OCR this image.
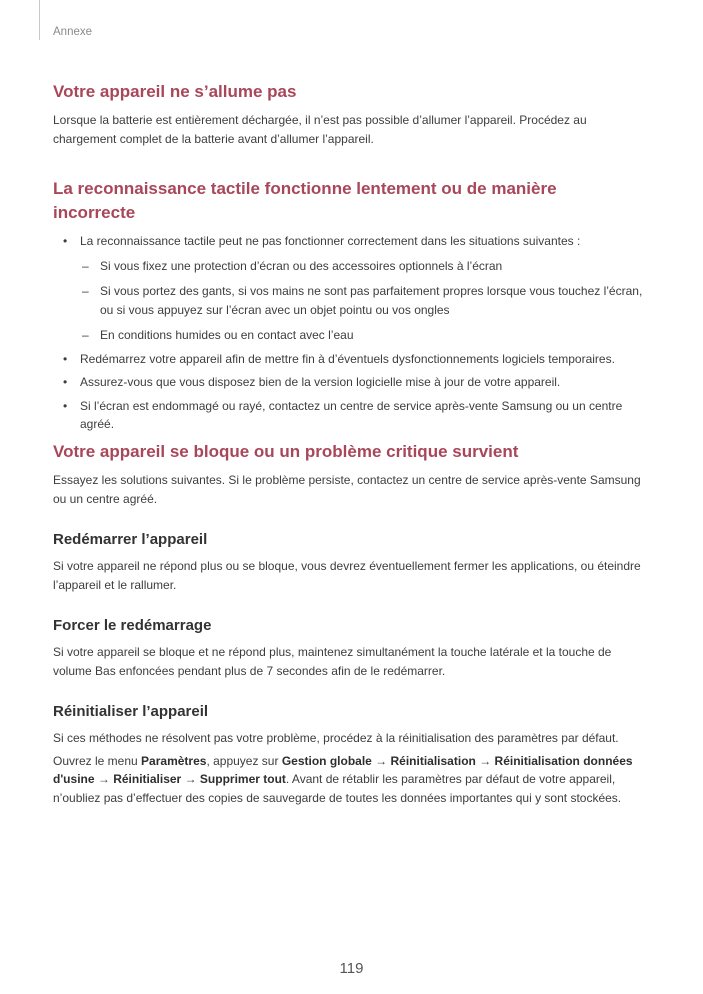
Annexe
Votre appareil ne s’allume pas

Lorsque la batterie est entièrement déchargée, il n’est pas possible d’allumer l’appareil. Procédez au chargement complet de la batterie avant d’allumer l’appareil.

La reconnaissance tactile fonctionne lentement ou de manière incorrecte
• La reconnaissance tactile peut ne pas fonctionner correctement dans les situations suivantes :
– Si vous fixez une protection d’écran ou des accessoires optionnels à l’écran
– Si vous portez des gants, si vos mains ne sont pas parfaitement propres lorsque vous touchez l’écran, ou si vous appuyez sur l’écran avec un objet pointu ou vos ongles
– En conditions humides ou en contact avec l’eau
• Redémarrez votre appareil afin de mettre fin à d’éventuels dysfonctionnements logiciels temporaires.
• Assurez-vous que vous disposez bien de la version logicielle mise à jour de votre appareil.
• Si l’écran est endommagé ou rayé, contactez un centre de service après-vente Samsung ou un centre agréé.
Votre appareil se bloque ou un problème critique survient

Essayez les solutions suivantes. Si le problème persiste, contactez un centre de service après-vente Samsung ou un centre agréé.

Redémarrer l’appareil

Si votre appareil ne répond plus ou se bloque, vous devrez éventuellement fermer les applications, ou éteindre l’appareil et le rallumer.

Forcer le redémarrage

Si votre appareil se bloque et ne répond plus, maintenez simultanément la touche latérale et la touche de volume Bas enfoncées pendant plus de 7 secondes afin de le redémarrer.

Réinitialiser l’appareil

Si ces méthodes ne résolvent pas votre problème, procédez à la réinitialisation des paramètres par défaut.

Ouvrez le menu Paramètres, appuyez sur Gestion globale → Réinitialisation → Réinitialisation données d'usine → Réinitialiser → Supprimer tout. Avant de rétablir les paramètres par défaut de votre appareil, n’oubliez pas d’effectuer des copies de sauvegarde de toutes les données importantes qui y sont stockées.

119
